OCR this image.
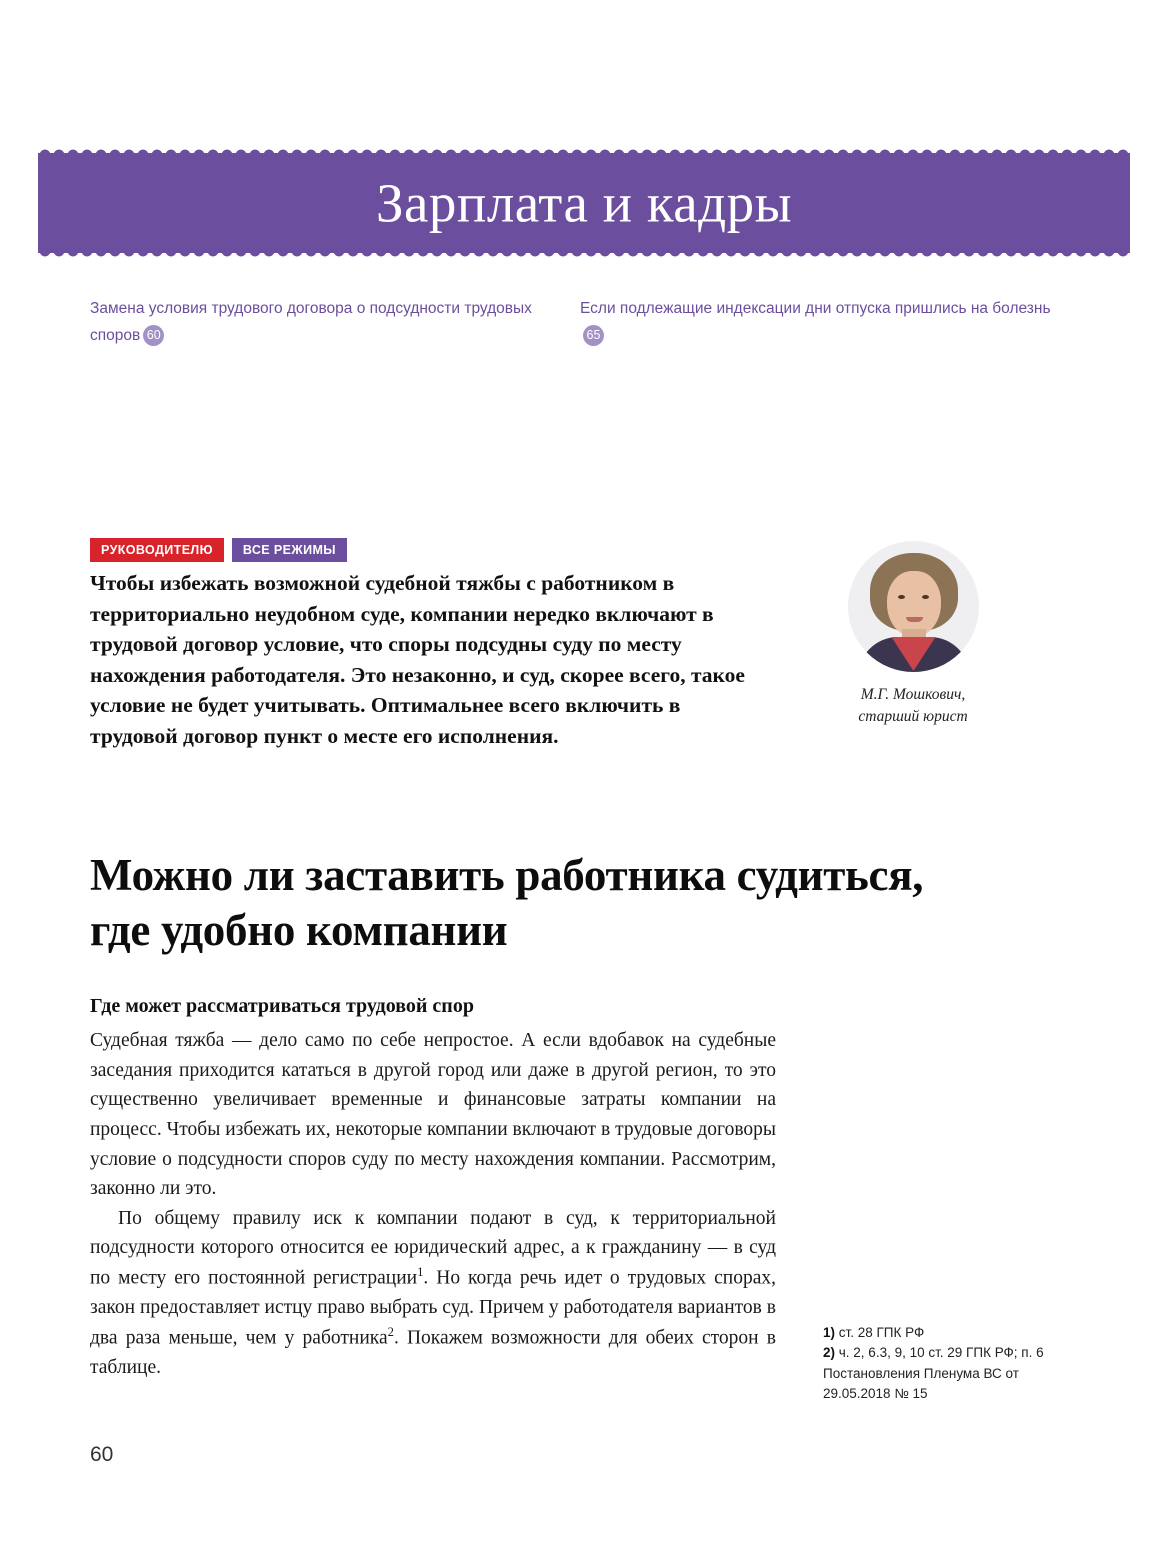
Зарплата и кадры
Замена условия трудового договора о подсудности трудовых споров 60
Если подлежащие индексации дни отпуска пришлись на болезнь65
РУКОВОДИТЕЛЮ	ВСЕ РЕЖИМЫ
Чтобы избежать возможной судебной тяжбы с работником в территориально неудобном суде, компании нередко включают в трудовой договор условие, что споры подсудны суду по месту нахождения работодателя. Это незаконно, и суд, скорее всего, такое условие не будет учитывать. Оптимальнее всего включить в трудовой договор пункт о месте его исполнения.
М.Г. Мошкович,
старший юрист
Можно ли заставить работника судиться, где удобно компании
Где может рассматриваться трудовой спор

Судебная тяжба — дело само по себе непростое. А если вдобавок на судебные заседания приходится кататься в другой город или даже в другой регион, то это существенно увеличивает временные и финансовые затраты компании на процесс. Чтобы избежать их, некоторые компании включают в трудовые договоры условие о подсудности споров суду по месту нахождения компании. Рассмотрим, законно ли это.

По общему правилу иск к компании подают в суд, к территориальной подсудности которого относится ее юридический адрес, а к гражданину — в суд по месту его постоянной регистрации$^1$. Но когда речь идет о трудовых спорах, закон предоставляет истцу право выбрать суд. Причем у работодателя вариантов в два раза меньше, чем у работника$^2$. Покажем возможности для обеих сторон в таблице.

1) ст. 28 ГПК РФ

2) ч. 2, 6.3, 9, 10 ст. 29 ГПК РФ; п. 6 Постановления Пленума ВС от 29.05.2018 № 15

60
